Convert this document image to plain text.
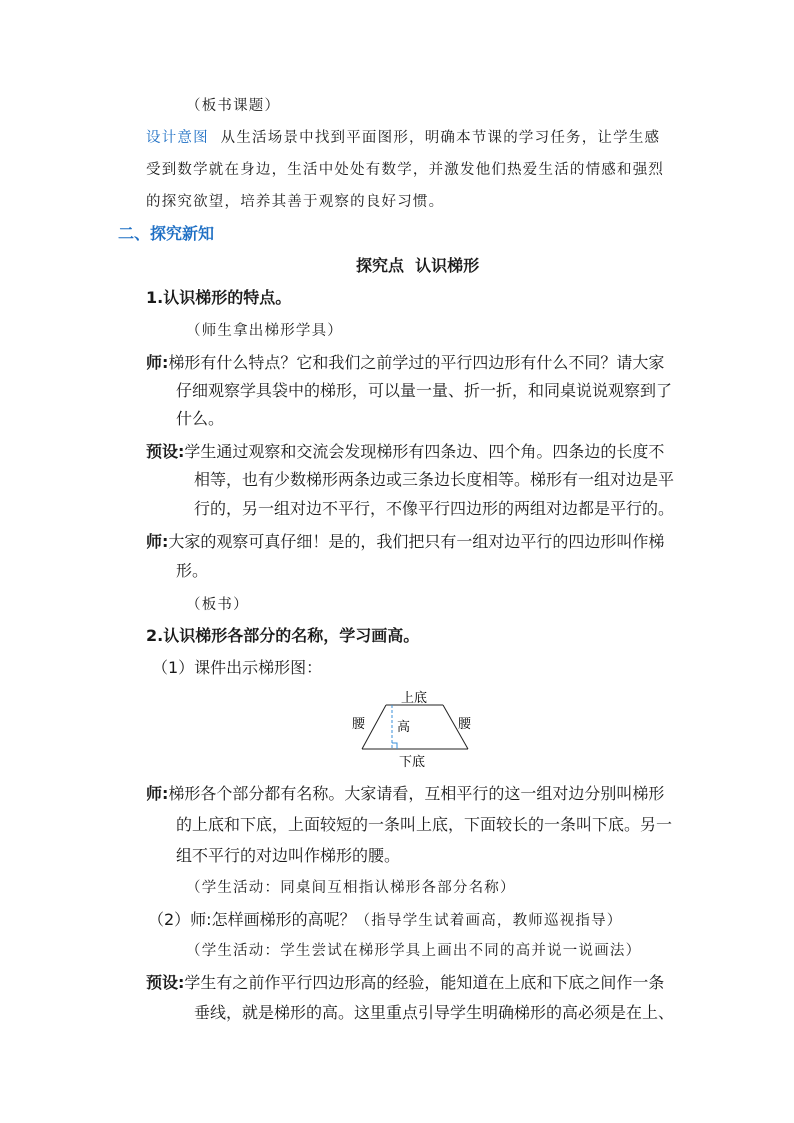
（板书课题）
设计意图 从生活场景中找到平面图形，明确本节课的学习任务，让学生感
受到数学就在身边，生活中处处有数学，并激发他们热爱生活的情感和强烈
的探究欲望，培养其善于观察的良好习惯。
二、探究新知
探究点  认识梯形
1.认识梯形的特点。
（师生拿出梯形学具）
师:梯形有什么特点？它和我们之前学过的平行四边形有什么不同？请大家
仔细观察学具袋中的梯形，可以量一量、折一折，和同桌说说观察到了
什么。
预设:学生通过观察和交流会发现梯形有四条边、四个角。四条边的长度不
相等，也有少数梯形两条边或三条边长度相等。梯形有一组对边是平
行的，另一组对边不平行，不像平行四边形的两组对边都是平行的。
师:大家的观察可真仔细！是的，我们把只有一组对边平行的四边形叫作梯
形。
（板书）
2.认识梯形各部分的名称，学习画高。
（1）课件出示梯形图：
上底
腰	腰
高
下底
师:梯形各个部分都有名称。大家请看，互相平行的这一组对边分别叫梯形
的上底和下底，上面较短的一条叫上底，下面较长的一条叫下底。另一
组不平行的对边叫作梯形的腰。
（学生活动：同桌间互相指认梯形各部分名称）
（2）师:怎样画梯形的高呢？（指导学生试着画高，教师巡视指导）
（学生活动：学生尝试在梯形学具上画出不同的高并说一说画法）
预设:学生有之前作平行四边形高的经验，能知道在上底和下底之间作一条
垂线，就是梯形的高。这里重点引导学生明确梯形的高必须是在上、
